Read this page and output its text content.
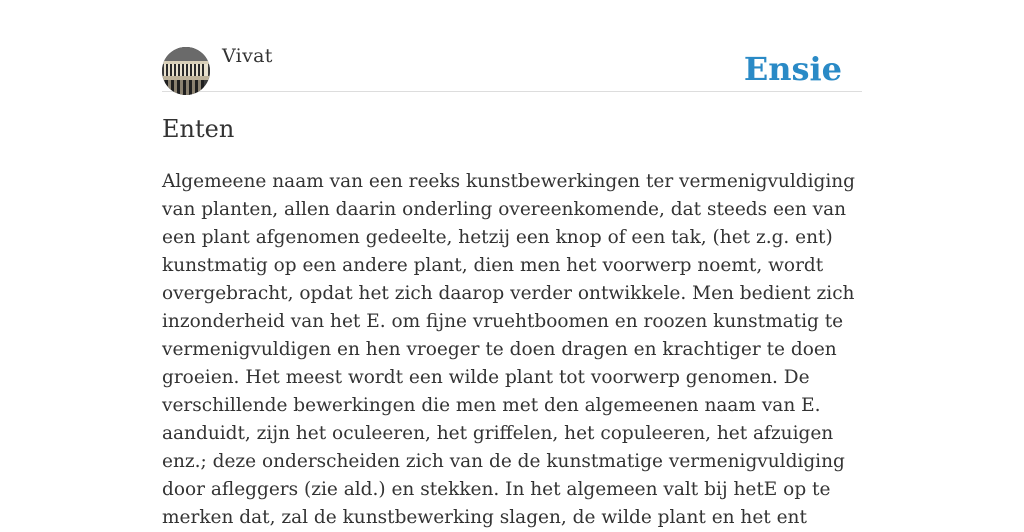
Vivat	Ensie
Enten

Algemeene naam van een reeks kunstbewerkingen ter vermenigvuldiging van planten, allen daarin onderling overeenkomende, dat steeds een van een plant afgenomen gedeelte, hetzij een knop of een tak, (het z.g. ent) kunstmatig op een andere plant, dien men het voorwerp noemt, wordt overgebracht, opdat het zich daarop verder ontwikkele. Men bedient zich inzonderheid van het E. om fijne vruehtboomen en roozen kunstmatig te vermenigvuldigen en hen vroeger te doen dragen en krachtiger te doen groeien. Het meest wordt een wilde plant tot voorwerp genomen. De verschillende bewerkingen die men met den algemeenen naam van E. aanduidt, zijn het oculeeren, het griffelen, het copuleeren, het afzuigen enz.; deze onderscheiden zich van de de kunstmatige vermenigvuldiging door afleggers (zie ald.) en stekken. In het algemeen valt bij hetE op te merken dat, zal de kunstbewerking slagen, de wilde plant en het ent
